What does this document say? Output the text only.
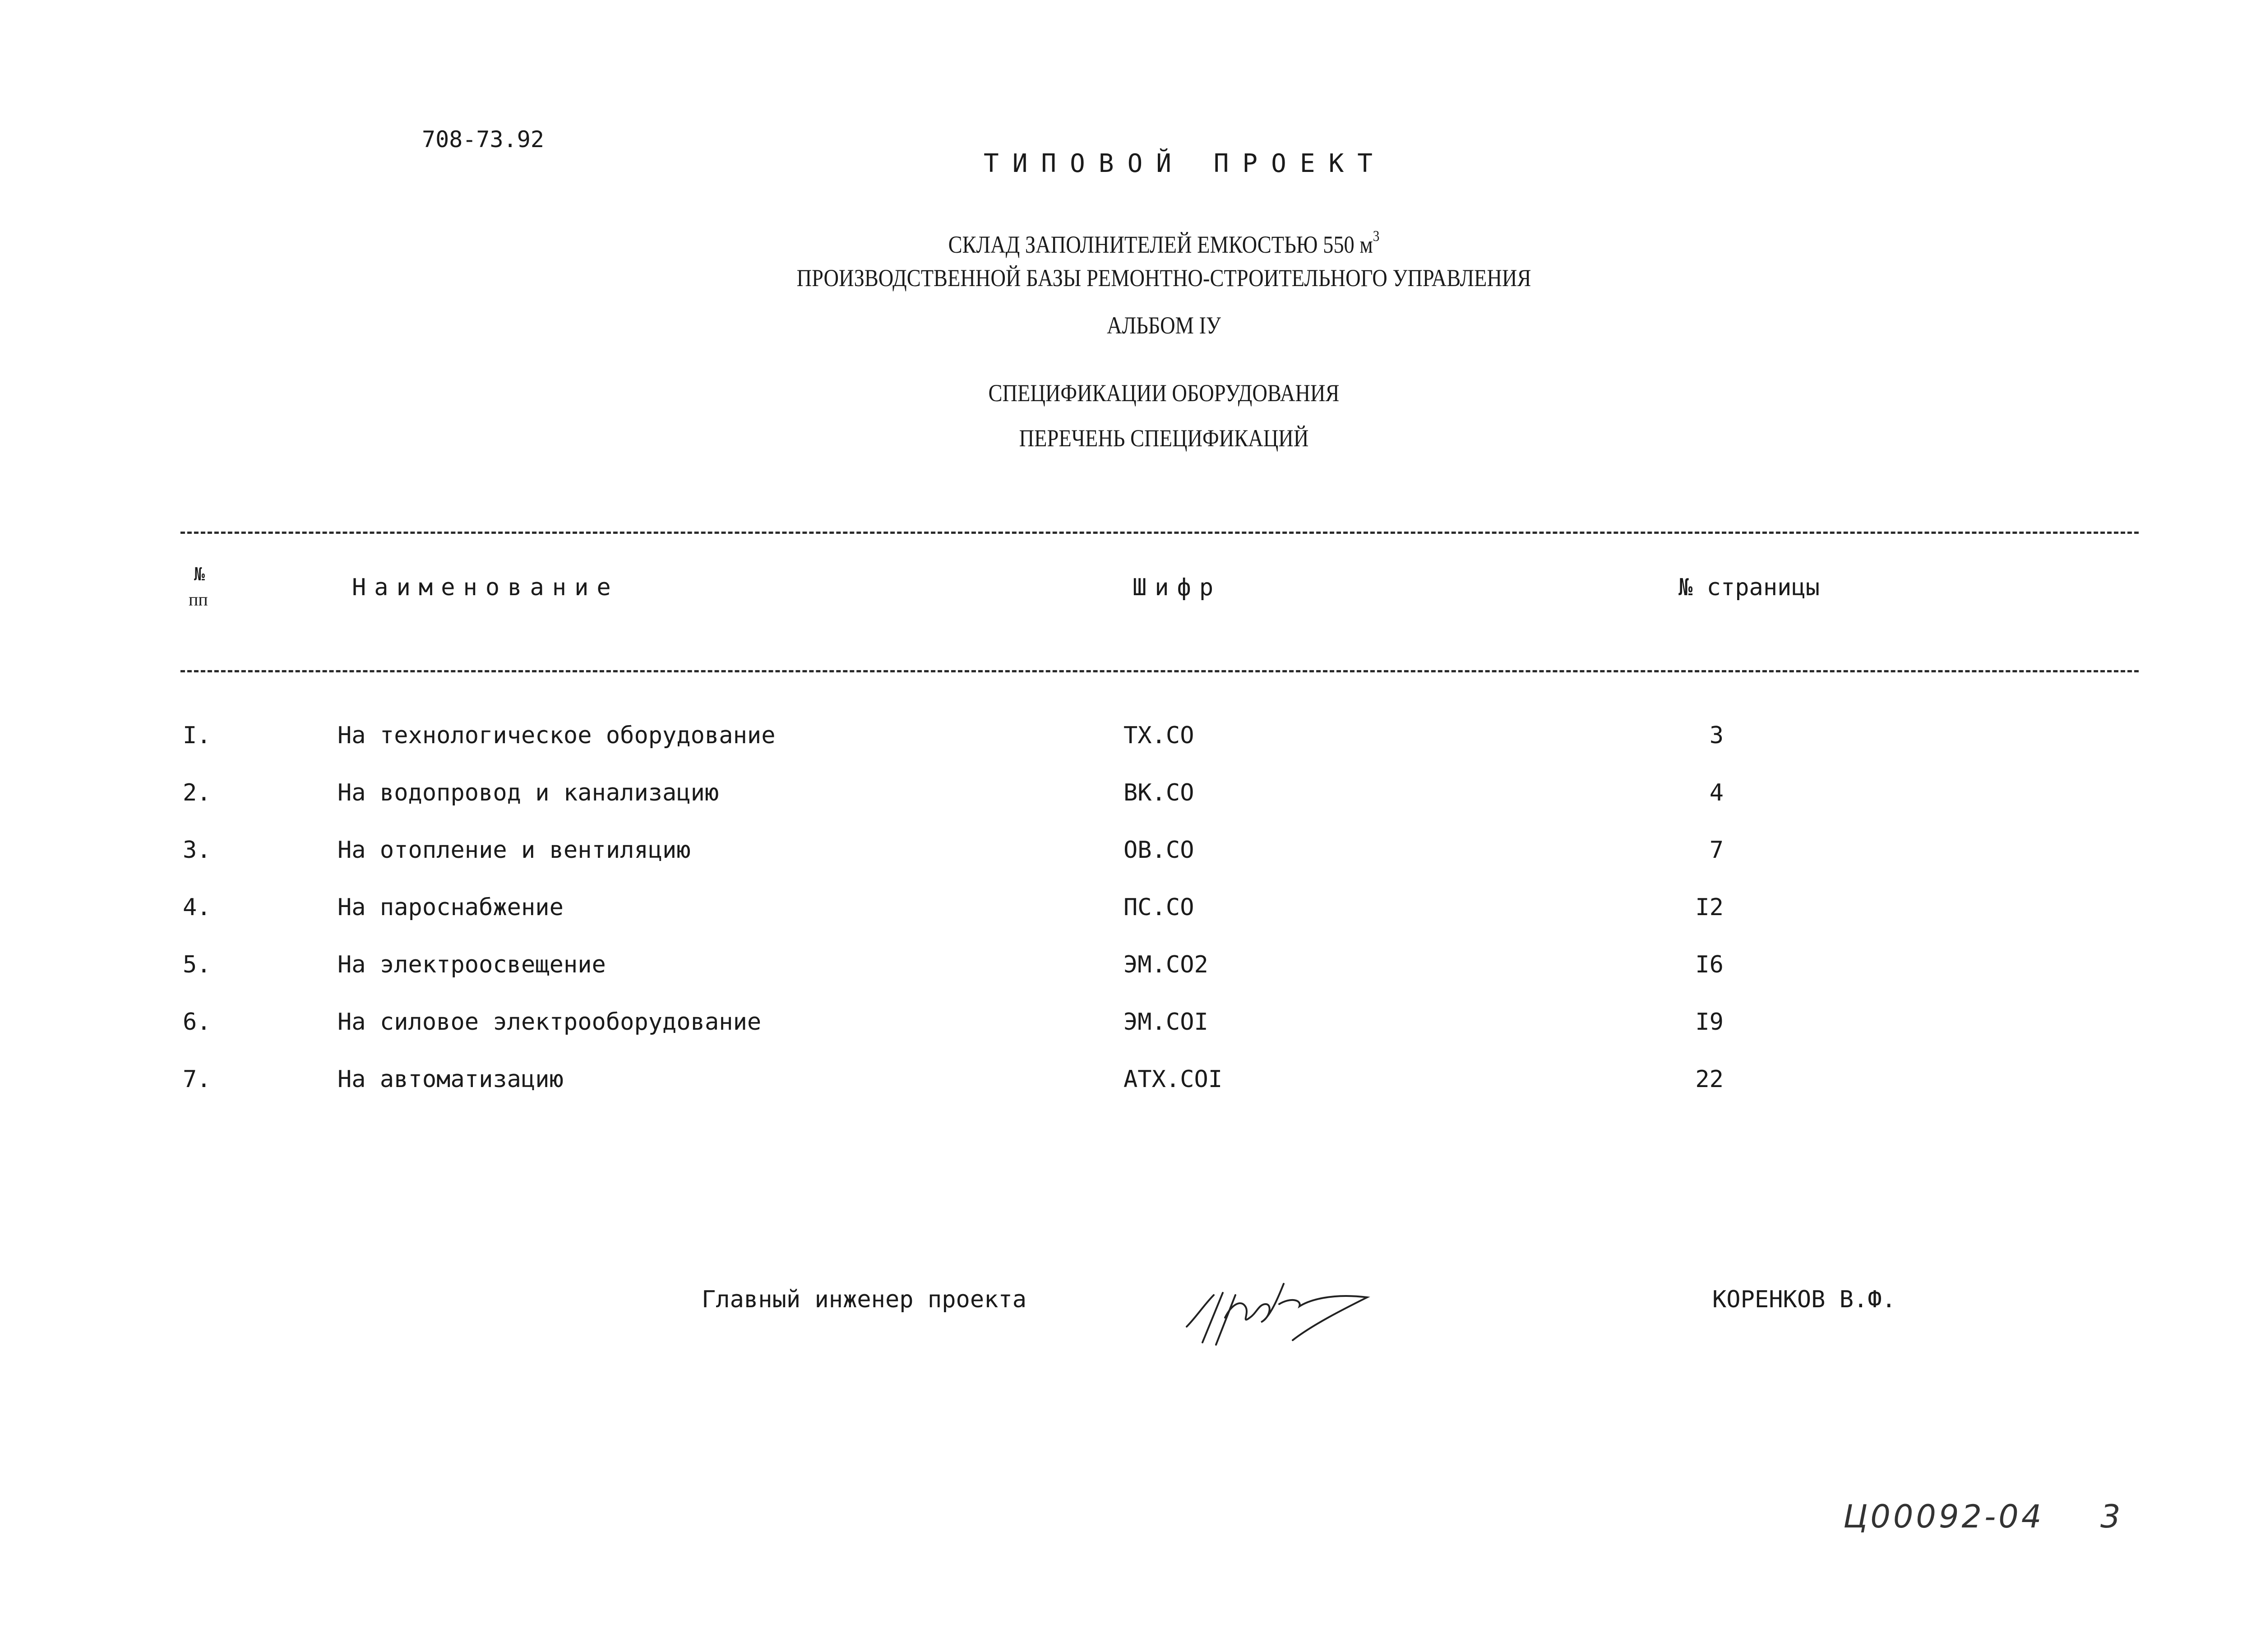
708-73.92
ТИПОВОЙ ПРОЕКТ
СКЛАД ЗАПОЛНИТЕЛЕЙ ЕМКОСТЬЮ 550 $м^3$
ПРОИЗВОДСТВЕННОЙ БАЗЫ РЕМОНТНО-СТРОИТЕЛЬНОГО УПРАВЛЕНИЯ
АЛЬБОМ IУ
СПЕЦИФИКАЦИИ ОБОРУДОВАНИЯ
ПЕРЕЧЕНЬ СПЕЦИФИКАЦИЙ
№
пп	Наименование	Шифр	№ страницы
I.	На технологическое оборудование	ТХ.СО	3
2.	На водопровод и канализацию	ВК.СО	4
3.	На отопление и вентиляцию	ОВ.СО	7
4.	На пароснабжение	ПС.СО	I2
5.	На электроосвещение	ЭМ.СО2	I6
6.	На силовое электрооборудование	ЭМ.СОI	I9
7.	На автоматизацию	АТХ.СОI	22
Главный инженер проекта	КОРЕНКОВ В.Ф.
Ц00092-04 3
